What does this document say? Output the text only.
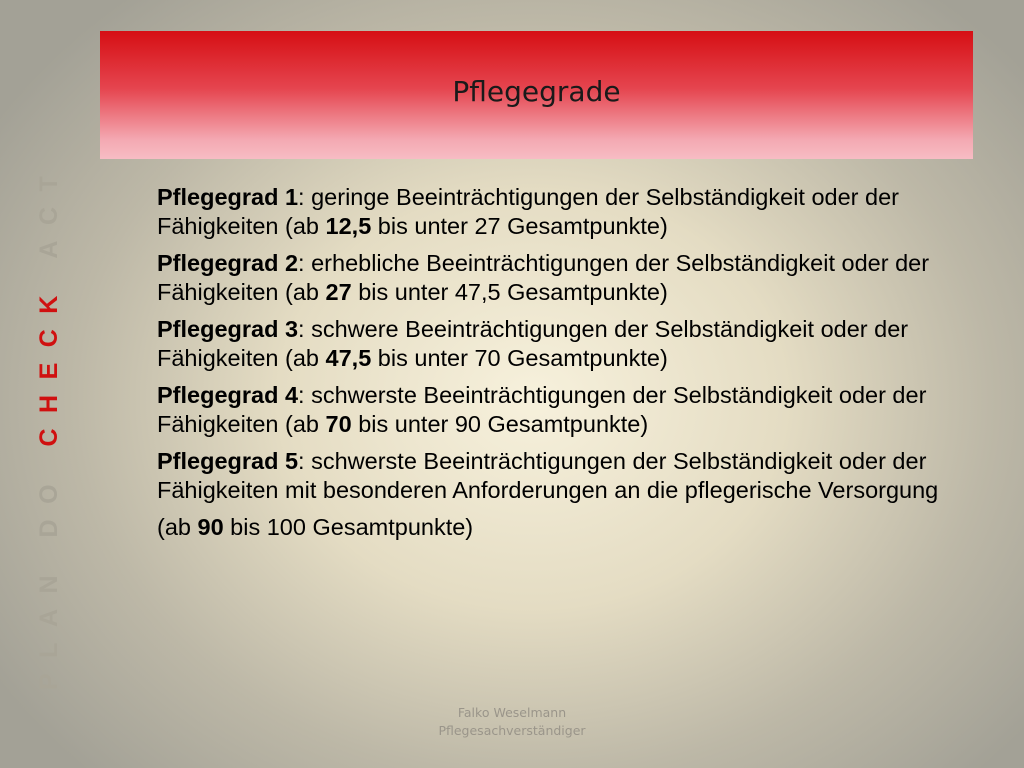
Pflegegrade
PLAN DO CHECK ACT	Pflegegrad 1: geringe Beeinträchtigungen der Selbständigkeit oder der Fähigkeiten (ab 12,5 bis unter 27 Gesamtpunkte)

Pflegegrad 2: erhebliche Beeinträchtigungen der Selbständigkeit oder der Fähigkeiten (ab 27 bis unter 47,5 Gesamtpunkte)

Pflegegrad 3: schwere Beeinträchtigungen der Selbständigkeit oder der Fähigkeiten (ab 47,5 bis unter 70 Gesamtpunkte)

Pflegegrad 4: schwerste Beeinträchtigungen der Selbständigkeit oder der Fähigkeiten (ab 70 bis unter 90 Gesamtpunkte)

Pflegegrad 5: schwerste Beeinträchtigungen der Selbständigkeit oder der Fähigkeiten mit besonderen Anforderungen an die pflegerische Versorgung

(ab 90 bis 100 Gesamtpunkte)

Falko Weselmann
Pflegesachverständiger
